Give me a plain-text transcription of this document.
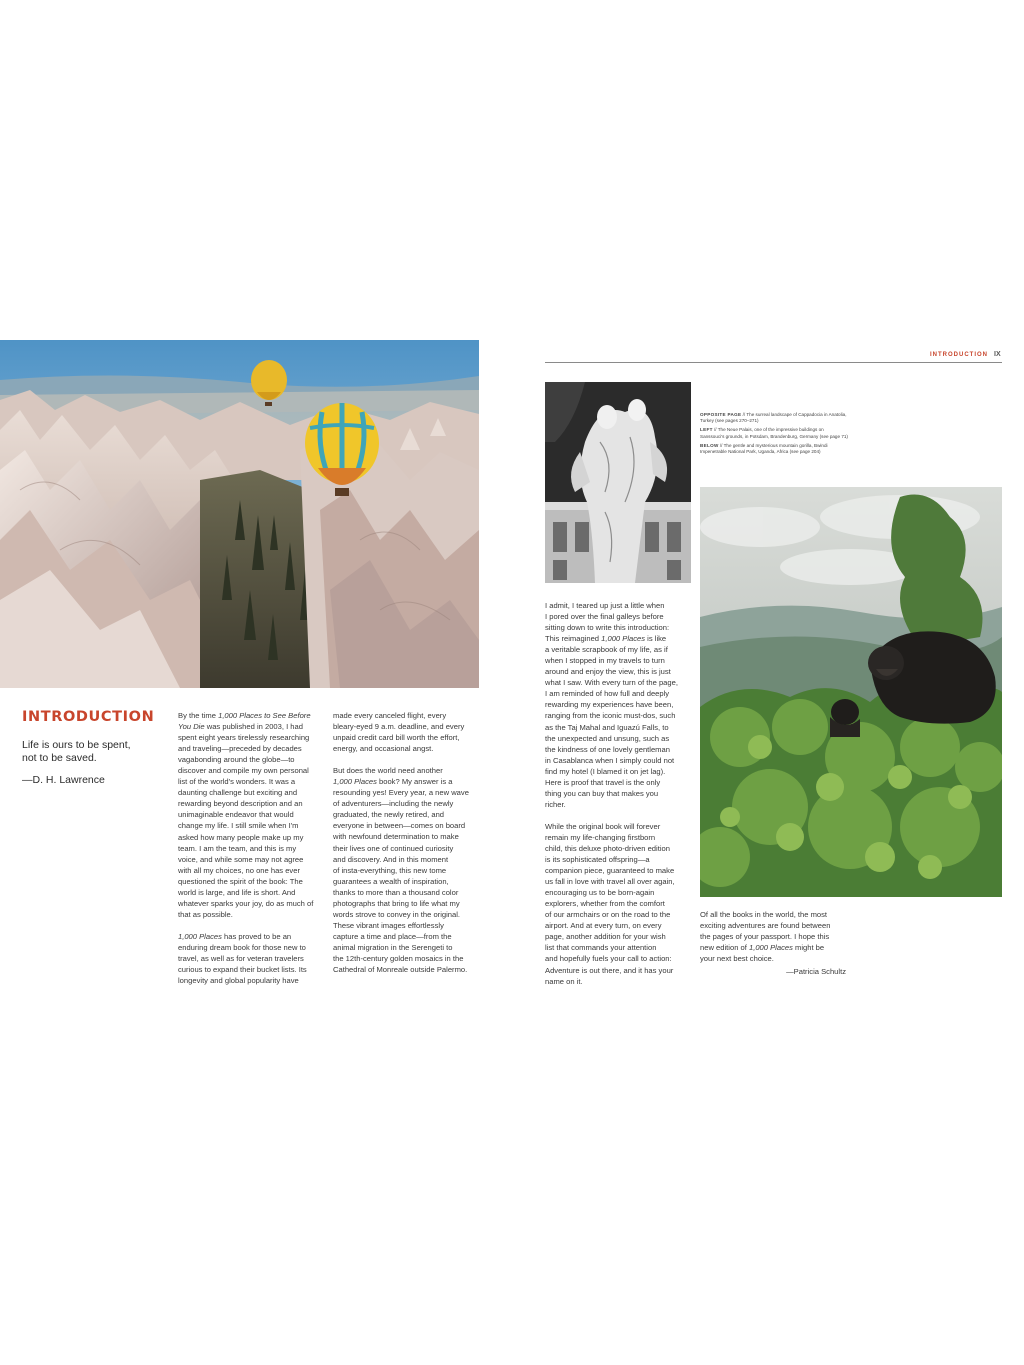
INTRODUCTION
Life is ours to be spent,
not to be saved.
—D. H. Lawrence

By the time 1,000 Places to See Before
You Die was published in 2003, I had
spent eight years tirelessly researching
and traveling—preceded by decades
vagabonding around the globe—to
discover and compile my own personal
list of the world's wonders. It was a
daunting challenge but exciting and
rewarding beyond description and an
unimaginable endeavor that would
change my life. I still smile when I'm
asked how many people make up my
team. I am the team, and this is my
voice, and while some may not agree
with all my choices, no one has ever
questioned the spirit of the book: The
world is large, and life is short. And
whatever sparks your joy, do as much of
that as possible.

1,000 Places has proved to be an
enduring dream book for those new to
travel, as well as for veteran travelers
curious to expand their bucket lists. Its
longevity and global popularity have

made every canceled flight, every
bleary-eyed 9 a.m. deadline, and every
unpaid credit card bill worth the effort,
energy, and occasional angst.

But does the world need another
1,000 Places book? My answer is a
resounding yes! Every year, a new wave
of adventurers—including the newly
graduated, the newly retired, and
everyone in between—comes on board
with newfound determination to make
their lives one of continued curiosity
and discovery. And in this moment
of insta-everything, this new tome
guarantees a wealth of inspiration,
thanks to more than a thousand color
photographs that bring to life what my
words strove to convey in the original.
These vibrant images effortlessly
capture a time and place—from the
animal migration in the Serengeti to
the 12th-century golden mosaics in the
Cathedral of Monreale outside Palermo.

INTRODUCTION IX
OPPOSITE PAGE // The surreal landscape of Cappadocia in Anatolia, Turkey (see pages 270–271)
LEFT // The Neue Palais, one of the impressive buildings on Sanssouci's grounds, in Potsdam, Brandenburg, Germany (see page 71)
BELOW // The gentle and mysterious mountain gorilla, Bwindi Impenetrable National Park, Uganda, Africa (see page 204)

I admit, I teared up just a little when
I pored over the final galleys before
sitting down to write this introduction:
This reimagined 1,000 Places is like
a veritable scrapbook of my life, as if
when I stopped in my travels to turn
around and enjoy the view, this is just
what I saw. With every turn of the page,
I am reminded of how full and deeply
rewarding my experiences have been,
ranging from the iconic must-dos, such
as the Taj Mahal and Iguazú Falls, to
the unexpected and unsung, such as
the kindness of one lovely gentleman
in Casablanca when I simply could not
find my hotel (I blamed it on jet lag).
Here is proof that travel is the only
thing you can buy that makes you
richer.

While the original book will forever
remain my life-changing firstborn
child, this deluxe photo-driven edition
is its sophisticated offspring—a
companion piece, guaranteed to make
us fall in love with travel all over again,
encouraging us to be born-again
explorers, whether from the comfort
of our armchairs or on the road to the
airport. And at every turn, on every
page, another addition for your wish
list that commands your attention
and hopefully fuels your call to action:
Adventure is out there, and it has your
name on it.

Of all the books in the world, the most
exciting adventures are found between
the pages of your passport. I hope this
new edition of 1,000 Places might be
your next best choice.

—Patricia Schultz
